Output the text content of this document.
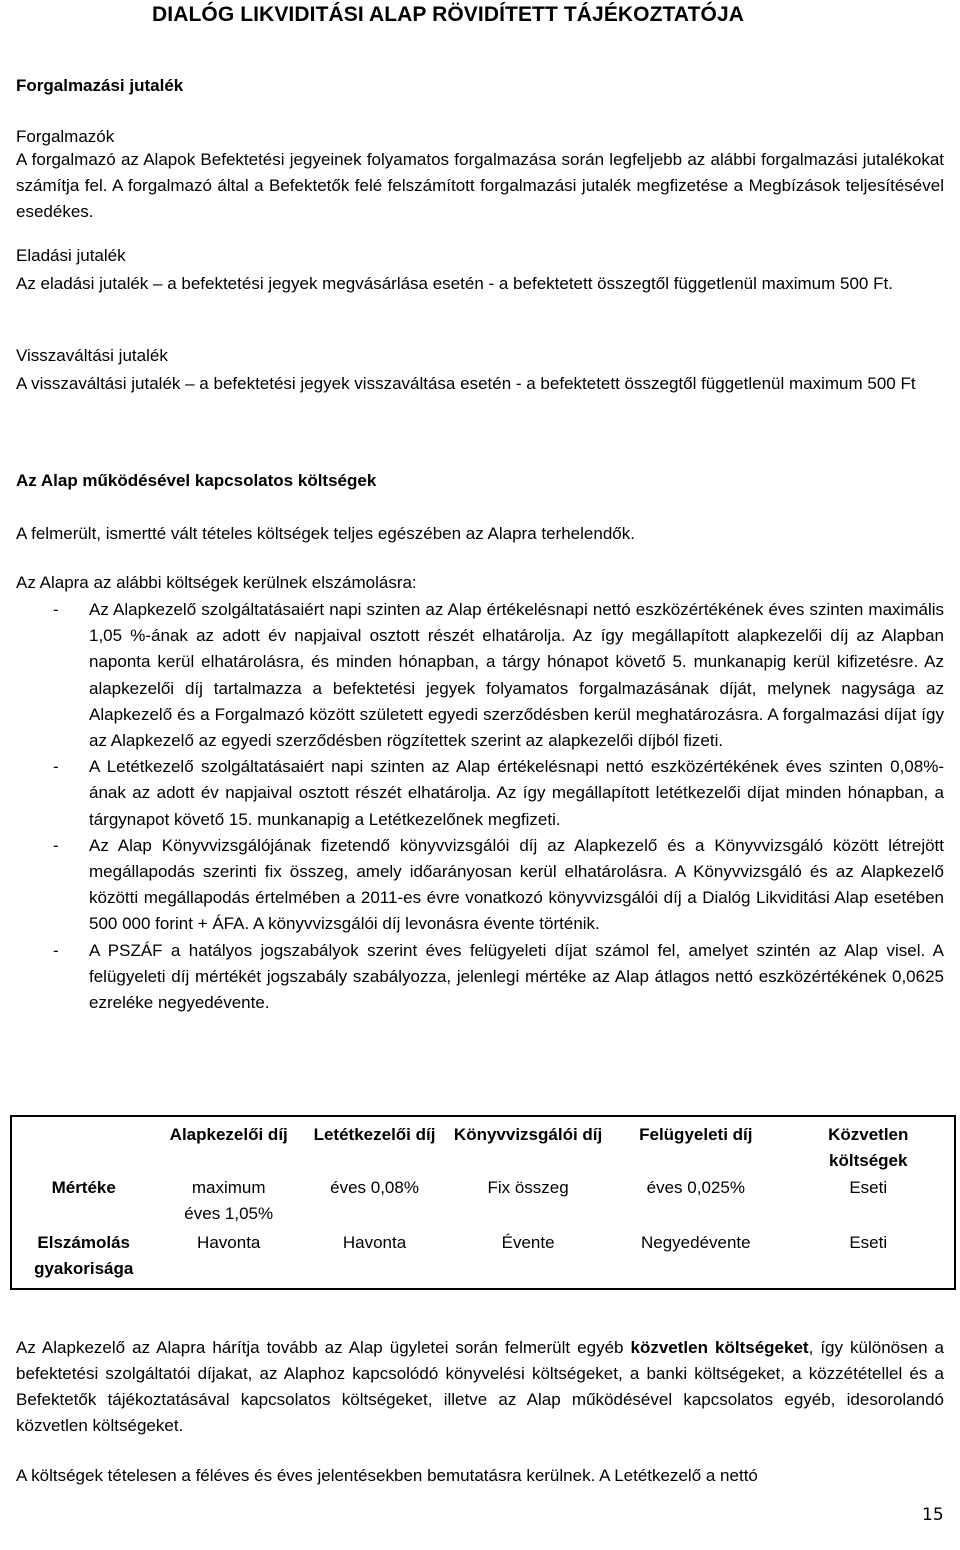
DIALÓG LIKVIDITÁSI ALAP RÖVIDÍTETT TÁJÉKOZTATÓJA

Forgalmazási jutalék

Forgalmazók

A forgalmazó az Alapok Befektetési jegyeinek folyamatos forgalmazása során legfeljebb az alábbi forgalmazási jutalékokat számítja fel. A forgalmazó által a Befektetők felé felszámított forgalmazási jutalék megfizetése a Megbízások teljesítésével esedékes.

Eladási jutalék

Az eladási jutalék – a befektetési jegyek megvásárlása esetén - a befektetett összegtől függetlenül maximum 500 Ft.

Visszaváltási jutalék

A visszaváltási jutalék – a befektetési jegyek visszaváltása esetén - a befektetett összegtől függetlenül maximum 500 Ft

Az Alap működésével kapcsolatos költségek

A felmerült, ismertté vált tételes költségek teljes egészében az Alapra terhelendők.

Az Alapra az alábbi költségek kerülnek elszámolásra:

- Az Alapkezelő szolgáltatásaiért napi szinten az Alap értékelésnapi nettó eszközértékének éves szinten maximális 1,05 %-ának az adott év napjaival osztott részét elhatárolja. Az így megállapított alapkezelői díj az Alapban naponta kerül elhatárolásra, és minden hónapban, a tárgy hónapot követő 5. munkanapig kerül kifizetésre. Az alapkezelői díj tartalmazza a befektetési jegyek folyamatos forgalmazásának díját, melynek nagysága az Alapkezelő és a Forgalmazó között született egyedi szerződésben kerül meghatározásra. A forgalmazási díjat így az Alapkezelő az egyedi szerződésben rögzítettek szerint az alapkezelői díjból fizeti.
- A Letétkezelő szolgáltatásaiért napi szinten az Alap értékelésnapi nettó eszközértékének éves szinten 0,08%-ának az adott év napjaival osztott részét elhatárolja. Az így megállapított letétkezelői díjat minden hónapban, a tárgynapot követő 15. munkanapig a Letétkezelőnek megfizeti.
- Az Alap Könyvvizsgálójának fizetendő könyvvizsgálói díj az Alapkezelő és a Könyvvizsgáló között létrejött megállapodás szerinti fix összeg, amely időarányosan kerül elhatárolásra. A Könyvvizsgáló és az Alapkezelő közötti megállapodás értelmében a 2011-es évre vonatkozó könyvvizsgálói díj a Dialóg Likviditási Alap esetében 500 000 forint + ÁFA. A könyvvizsgálói díj levonásra évente történik.
- A PSZÁF a hatályos jogszabályok szerint éves felügyeleti díjat számol fel, amelyet szintén az Alap visel. A felügyeleti díj mértékét jogszabály szabályozza, jelenlegi mértéke az Alap átlagos nettó eszközértékének 0,0625 ezreléke negyedévente.
	Alapkezelői díj	Letétkezelői díj	Könyvvizsgálói díj	Felügyeleti díj	Közvetlen költségek
Mértéke	maximum éves 1,05%	éves 0,08%	Fix összeg	éves 0,025%	Eseti
Elszámolás gyakorisága	Havonta	Havonta	Évente	Negyedévente	Eseti

Az Alapkezelő az Alapra hárítja tovább az Alap ügyletei során felmerült egyéb közvetlen költségeket, így különösen a befektetési szolgáltatói díjakat, az Alaphoz kapcsolódó könyvelési költségeket, a banki költségeket, a közzététellel és a Befektetők tájékoztatásával kapcsolatos költségeket, illetve az Alap működésével kapcsolatos egyéb, idesorolandó közvetlen költségeket.

A költségek tételesen a féléves és éves jelentésekben bemutatásra kerülnek. A Letétkezelő a nettó

15
